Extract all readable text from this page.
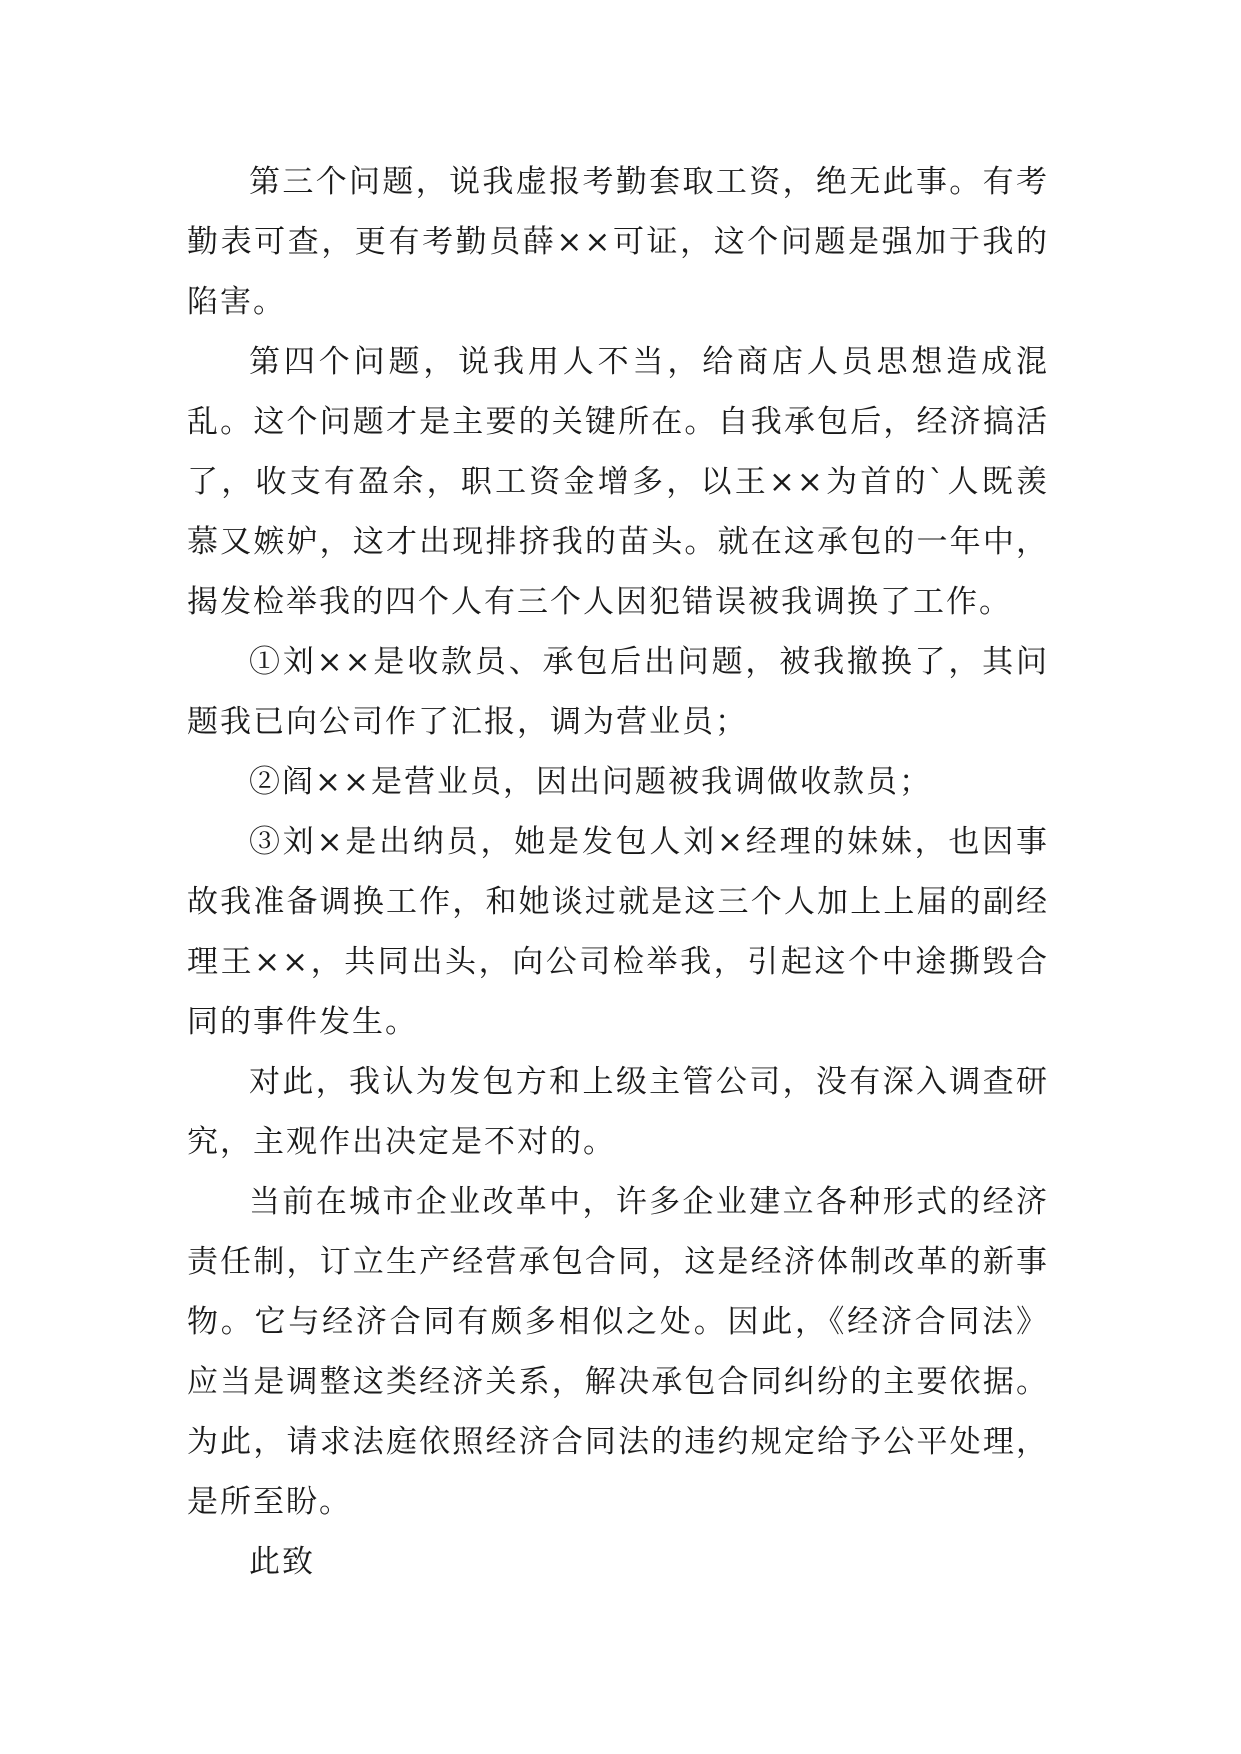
第三个问题，说我虚报考勤套取工资，绝无此事。有考勤表可查，更有考勤员薛××可证，这个问题是强加于我的陷害。

第四个问题，说我用人不当，给商店人员思想造成混乱。这个问题才是主要的关键所在。自我承包后，经济搞活了，收支有盈余，职工资金增多，以王××为首的`人既羡慕又嫉妒，这才出现排挤我的苗头。就在这承包的一年中，揭发检举我的四个人有三个人因犯错误被我调换了工作。

①刘××是收款员、承包后出问题，被我撤换了，其问题我已向公司作了汇报，调为营业员；

②阎××是营业员，因出问题被我调做收款员；

③刘×是出纳员，她是发包人刘×经理的妹妹，也因事故我准备调换工作，和她谈过就是这三个人加上上届的副经理王××，共同出头，向公司检举我，引起这个中途撕毁合同的事件发生。

对此，我认为发包方和上级主管公司，没有深入调查研究，主观作出决定是不对的。

当前在城市企业改革中，许多企业建立各种形式的经济责任制，订立生产经营承包合同，这是经济体制改革的新事物。它与经济合同有颇多相似之处。因此，《经济合同法》应当是调整这类经济关系，解决承包合同纠纷的主要依据。为此，请求法庭依照经济合同法的违约规定给予公平处理，是所至盼。

此致
